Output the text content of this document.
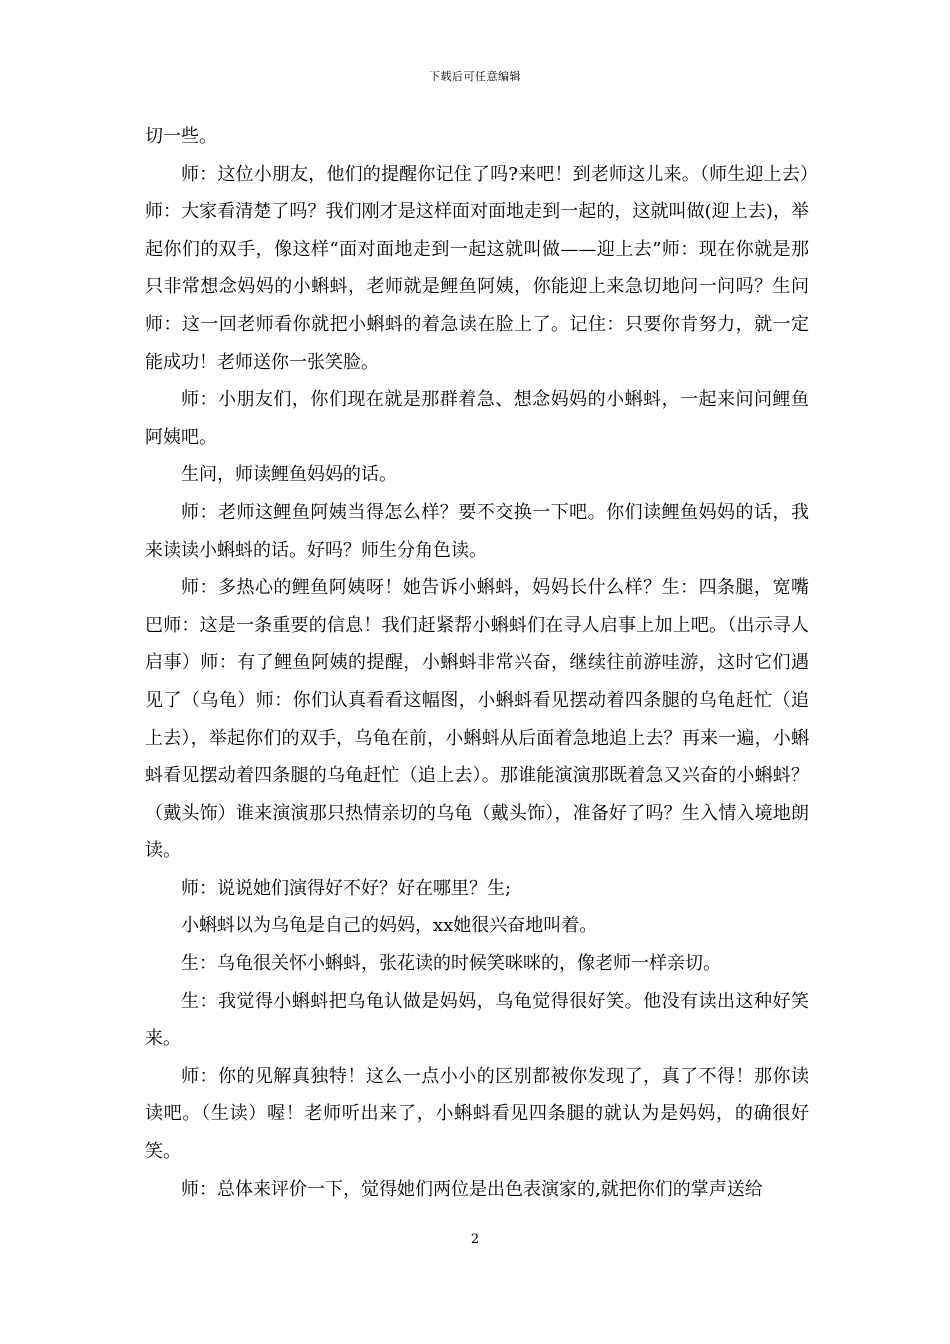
下载后可任意编辑

切一些。

师：这位小朋友，他们的提醒你记住了吗?来吧！到老师这儿来。（师生迎上去）师：大家看清楚了吗？我们刚才是这样面对面地走到一起的，这就叫做(迎上去)，举起你们的双手，像这样“面对面地走到一起这就叫做——迎上去”师：现在你就是那只非常想念妈妈的小蝌蚪，老师就是鲤鱼阿姨，你能迎上来急切地问一问吗？生问师：这一回老师看你就把小蝌蚪的着急读在脸上了。记住：只要你肯努力，就一定能成功！老师送你一张笑脸。

师：小朋友们，你们现在就是那群着急、想念妈妈的小蝌蚪，一起来问问鲤鱼阿姨吧。

生问，师读鲤鱼妈妈的话。

师：老师这鲤鱼阿姨当得怎么样？要不交换一下吧。你们读鲤鱼妈妈的话，我来读读小蝌蚪的话。好吗？师生分角色读。

师：多热心的鲤鱼阿姨呀！她告诉小蝌蚪，妈妈长什么样？生：四条腿，宽嘴巴师：这是一条重要的信息！我们赶紧帮小蝌蚪们在寻人启事上加上吧。（出示寻人启事）师：有了鲤鱼阿姨的提醒，小蝌蚪非常兴奋，继续往前游哇游，这时它们遇见了（乌龟）师：你们认真看看这幅图，小蝌蚪看见摆动着四条腿的乌龟赶忙（追上去），举起你们的双手，乌龟在前，小蝌蚪从后面着急地追上去？再来一遍，小蝌蚪看见摆动着四条腿的乌龟赶忙（追上去）。那谁能演演那既着急又兴奋的小蝌蚪？（戴头饰）谁来演演那只热情亲切的乌龟（戴头饰），准备好了吗？生入情入境地朗读。

师：说说她们演得好不好？好在哪里？生;

小蝌蚪以为乌龟是自己的妈妈，xx她很兴奋地叫着。

生：乌龟很关怀小蝌蚪，张花读的时候笑咪咪的，像老师一样亲切。

生：我觉得小蝌蚪把乌龟认做是妈妈，乌龟觉得很好笑。他没有读出这种好笑来。

师：你的见解真独特！这么一点小小的区别都被你发现了，真了不得！那你读读吧。（生读）喔！老师听出来了，小蝌蚪看见四条腿的就认为是妈妈，的确很好笑。

师：总体来评价一下，觉得她们两位是出色表演家的,就把你们的掌声送给

2
